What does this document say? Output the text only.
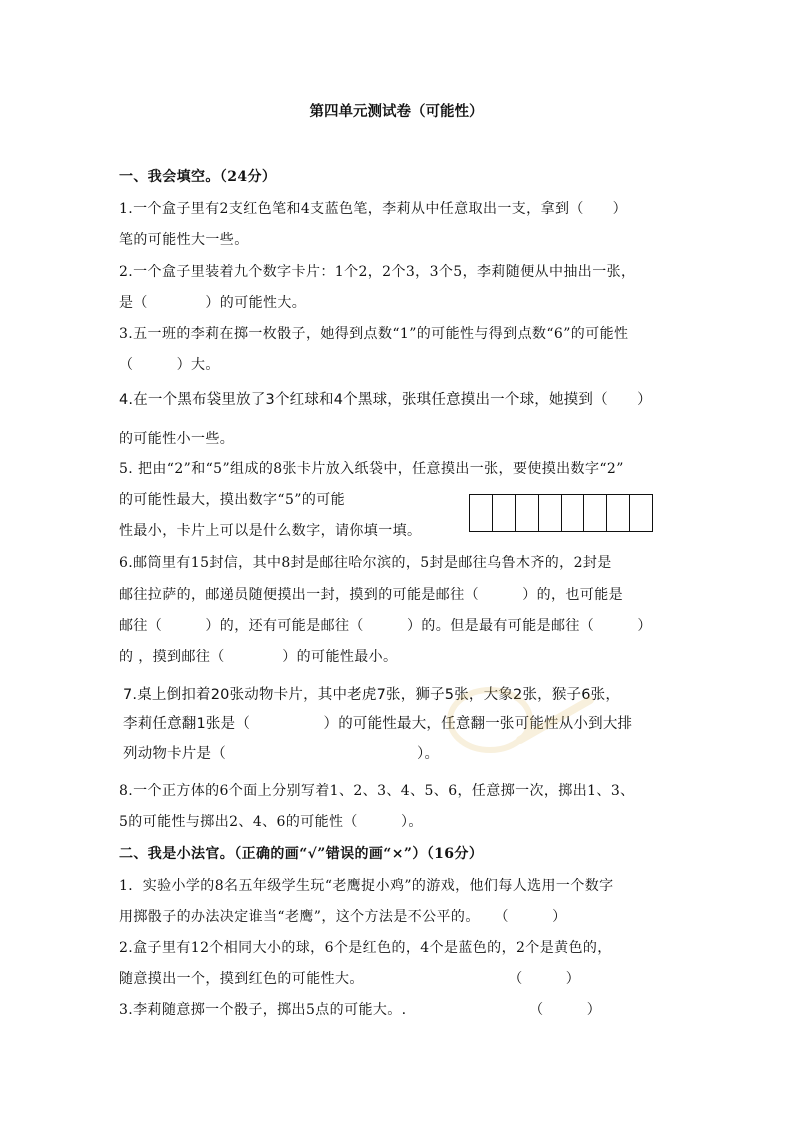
第四单元测试卷（可能性）
一、我会填空。（24分）
1.一个盒子里有2支红色笔和4支蓝色笔，李莉从中任意取出一支，拿到（　　）
笔的可能性大一些。
2.一个盒子里装着九个数字卡片：1个2，2个3，3个5，李莉随便从中抽出一张，
是（　　　　）的可能性大。
3.五一班的李莉在掷一枚骰子，她得到点数“1”的可能性与得到点数“6”的可能性
（　　　）大。
4.在一个黑布袋里放了3个红球和4个黑球，张琪任意摸出一个球，她摸到（　　）
的可能性小一些。
5. 把由“2”和“5”组成的8张卡片放入纸袋中，任意摸出一张，要使摸出数字“2”
的可能性最大，摸出数字“5”的可能
性最小，卡片上可以是什么数字，请你填一填。
6.邮筒里有15封信，其中8封是邮往哈尔滨的，5封是邮往乌鲁木齐的，2封是
邮往拉萨的，邮递员随便摸出一封，摸到的可能是邮往（　　　）的，也可能是
邮往（　　　）的，还有可能是邮往（　　　）的。但是最有可能是邮往（　　　）
的 ，摸到邮往（　　　　）的可能性最小。
7.桌上倒扣着20张动物卡片，其中老虎7张，狮子5张，大象2张，猴子6张，
李莉任意翻1张是（　　　　　）的可能性最大，任意翻一张可能性从小到大排
列动物卡片是（　　　　　　　　　　　　　）。
8.一个正方体的6个面上分别写着1、2、3、4、5、6，任意掷一次，掷出1、3、
5的可能性与掷出2、4、6的可能性（　　　）。
二、我是小法官。（正确的画“√”错误的画“×”）（16分）
1．实验小学的8名五年级学生玩“老鹰捉小鸡”的游戏，他们每人选用一个数字
用掷骰子的办法决定谁当“老鹰”，这个方法是不公平的。　　（　　　）
2.盒子里有12个相同大小的球，6个是红色的，4个是蓝色的，2个是黄色的，
随意摸出一个，摸到红色的可能性大。　　　　　　　　　　　（　　　）
3.李莉随意掷一个骰子，掷出5点的可能大。.　　　　　　　　　（　　　）
